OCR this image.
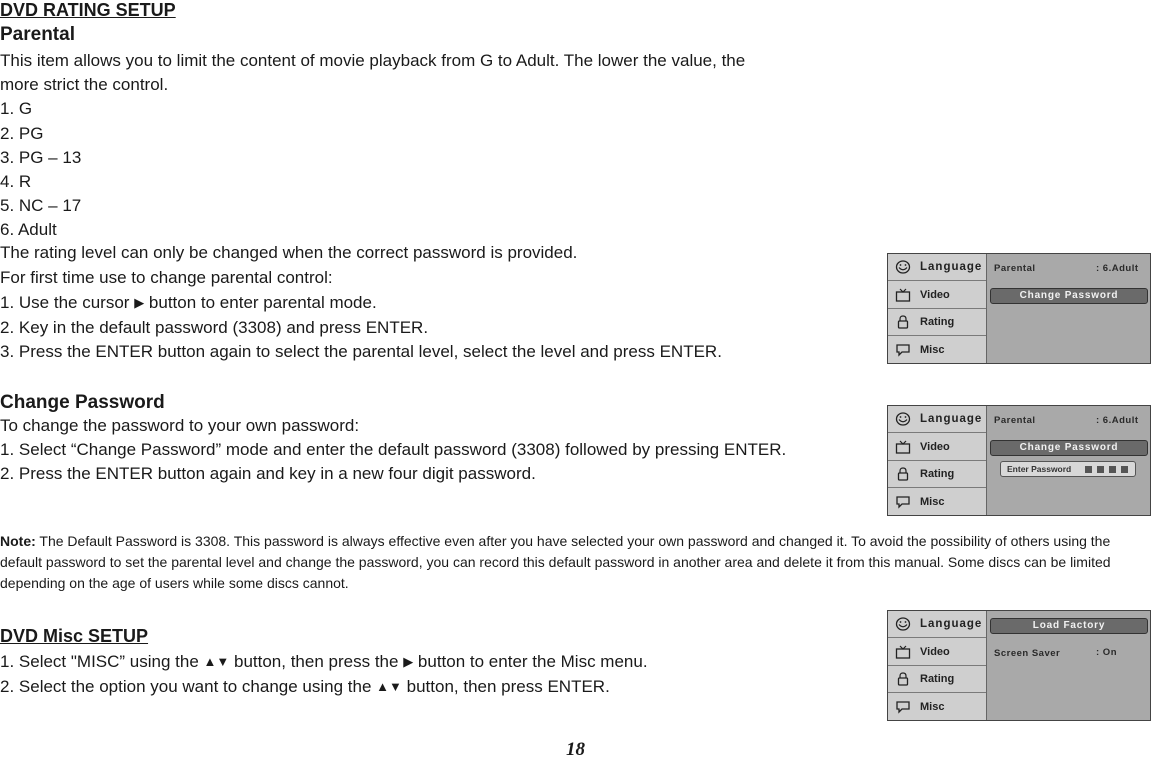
DVD RATING SETUP
Parental
This item allows you to limit the content of movie playback from G to Adult. The lower the value, the
more strict the control.
1. G
2. PG
3. PG – 13
4. R
5. NC – 17
6. Adult
The rating level can only be changed when the correct password is provided.
For first time use to change parental control:
1. Use the cursor ▶ button to enter parental mode.
2. Key in the default password (3308) and press ENTER.
3. Press the ENTER button again to select the parental level, select the level and press ENTER.
Change Password
To change the password to your own password:
1. Select “Change Password” mode and enter the default password (3308) followed by pressing ENTER.
2. Press the ENTER button again and key in a new four digit password.
Note: The Default Password is 3308. This password is always effective even after you have selected your own password and changed it. To avoid the possibility of others using the default password to set the parental level and change the password, you can record this default password in another area and delete it from this manual. Some discs can be limited depending on the age of users while some discs cannot.
DVD Misc SETUP
1. Select "MISC” using the ▲▼ button, then press the ▶ button to enter the Misc menu.
2. Select the option you want to change using the ▲▼ button, then press ENTER.
18
Language
Video
Rating
Misc
Parental	: 6.Adult
Change Password
Language
Video
Rating
Misc
Parental	: 6.Adult
Change Password
Enter Password
Language
Video
Rating
Misc
Load Factory
Screen Saver	: On
